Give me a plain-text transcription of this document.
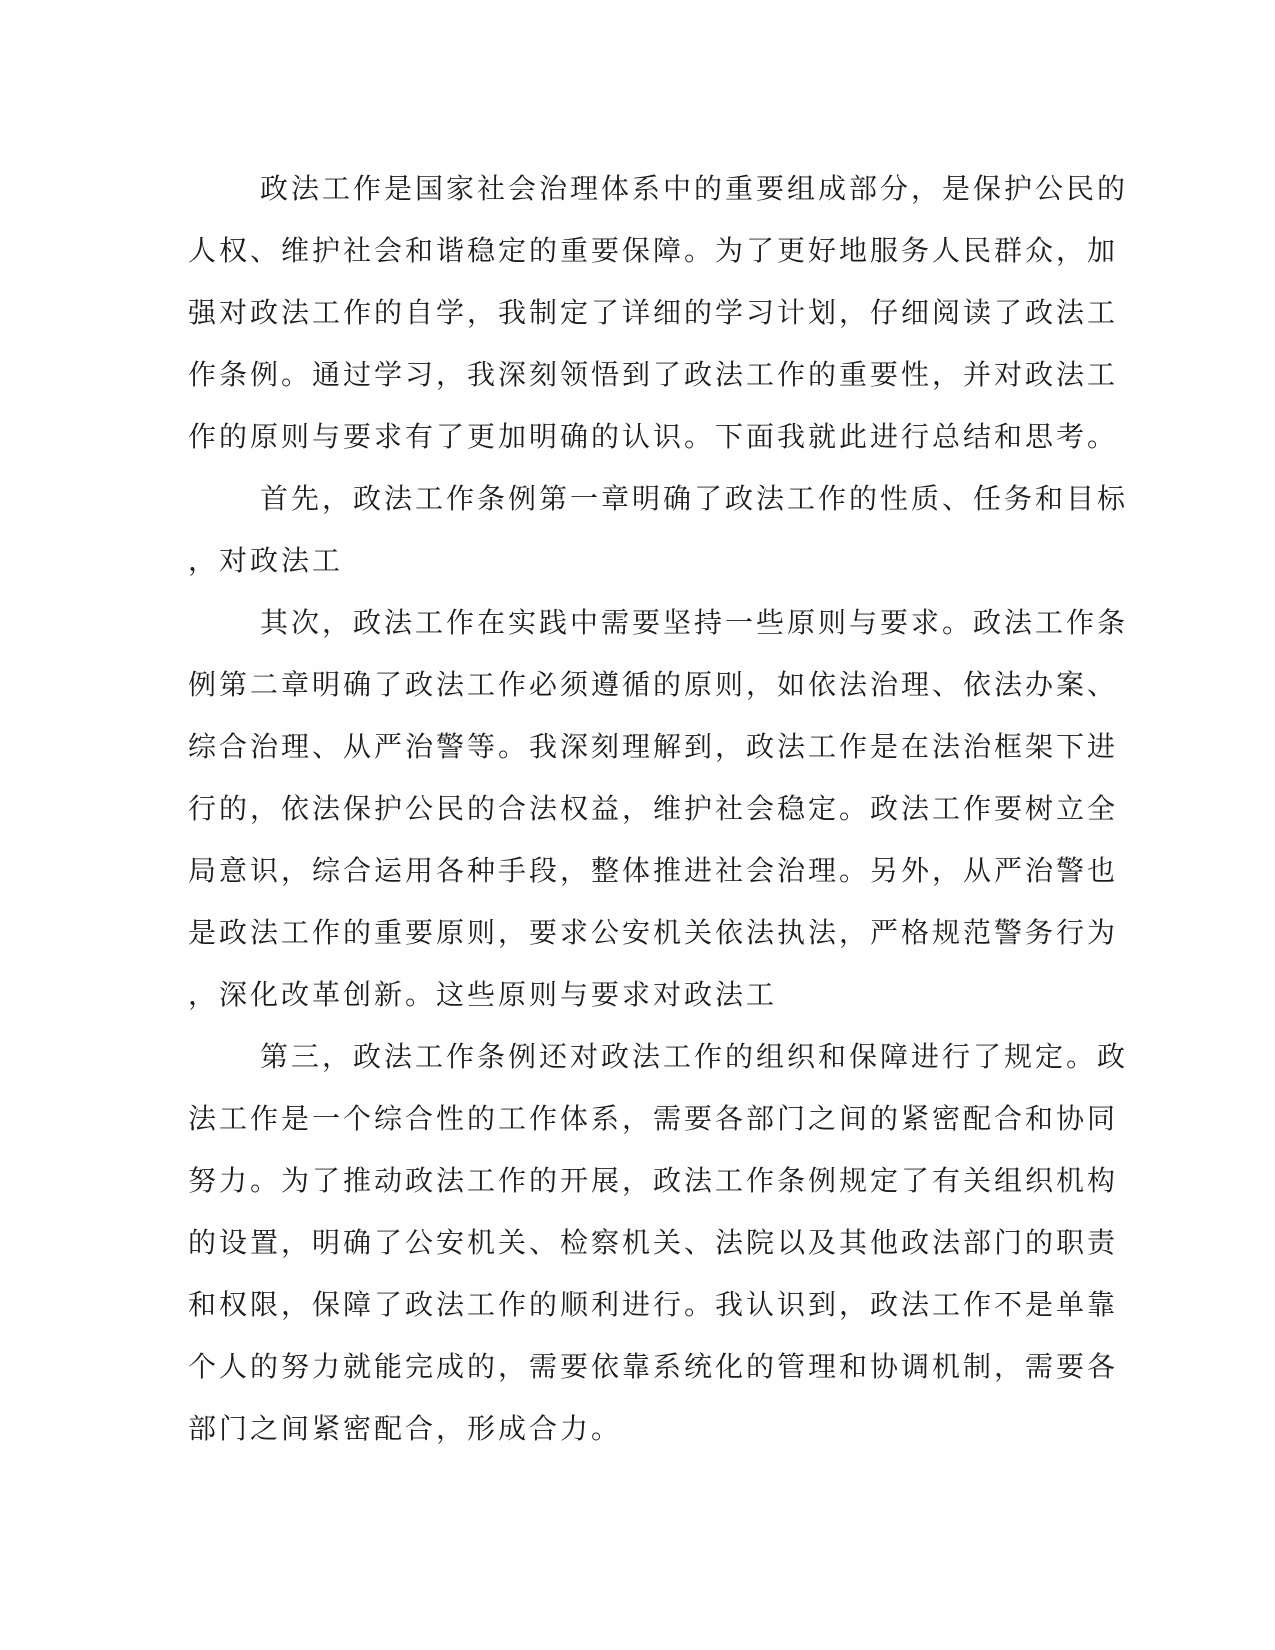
政法工作是国家社会治理体系中的重要组成部分，是保护公民的
人权、维护社会和谐稳定的重要保障。为了更好地服务人民群众，加
强对政法工作的自学，我制定了详细的学习计划，仔细阅读了政法工
作条例。通过学习，我深刻领悟到了政法工作的重要性，并对政法工
作的原则与要求有了更加明确的认识。下面我就此进行总结和思考。

首先，政法工作条例第一章明确了政法工作的性质、任务和目标
，对政法工

其次，政法工作在实践中需要坚持一些原则与要求。政法工作条
例第二章明确了政法工作必须遵循的原则，如依法治理、依法办案、
综合治理、从严治警等。我深刻理解到，政法工作是在法治框架下进
行的，依法保护公民的合法权益，维护社会稳定。政法工作要树立全
局意识，综合运用各种手段，整体推进社会治理。另外，从严治警也
是政法工作的重要原则，要求公安机关依法执法，严格规范警务行为
，深化改革创新。这些原则与要求对政法工

第三，政法工作条例还对政法工作的组织和保障进行了规定。政
法工作是一个综合性的工作体系，需要各部门之间的紧密配合和协同
努力。为了推动政法工作的开展，政法工作条例规定了有关组织机构
的设置，明确了公安机关、检察机关、法院以及其他政法部门的职责
和权限，保障了政法工作的顺利进行。我认识到，政法工作不是单靠
个人的努力就能完成的，需要依靠系统化的管理和协调机制，需要各
部门之间紧密配合，形成合力。
